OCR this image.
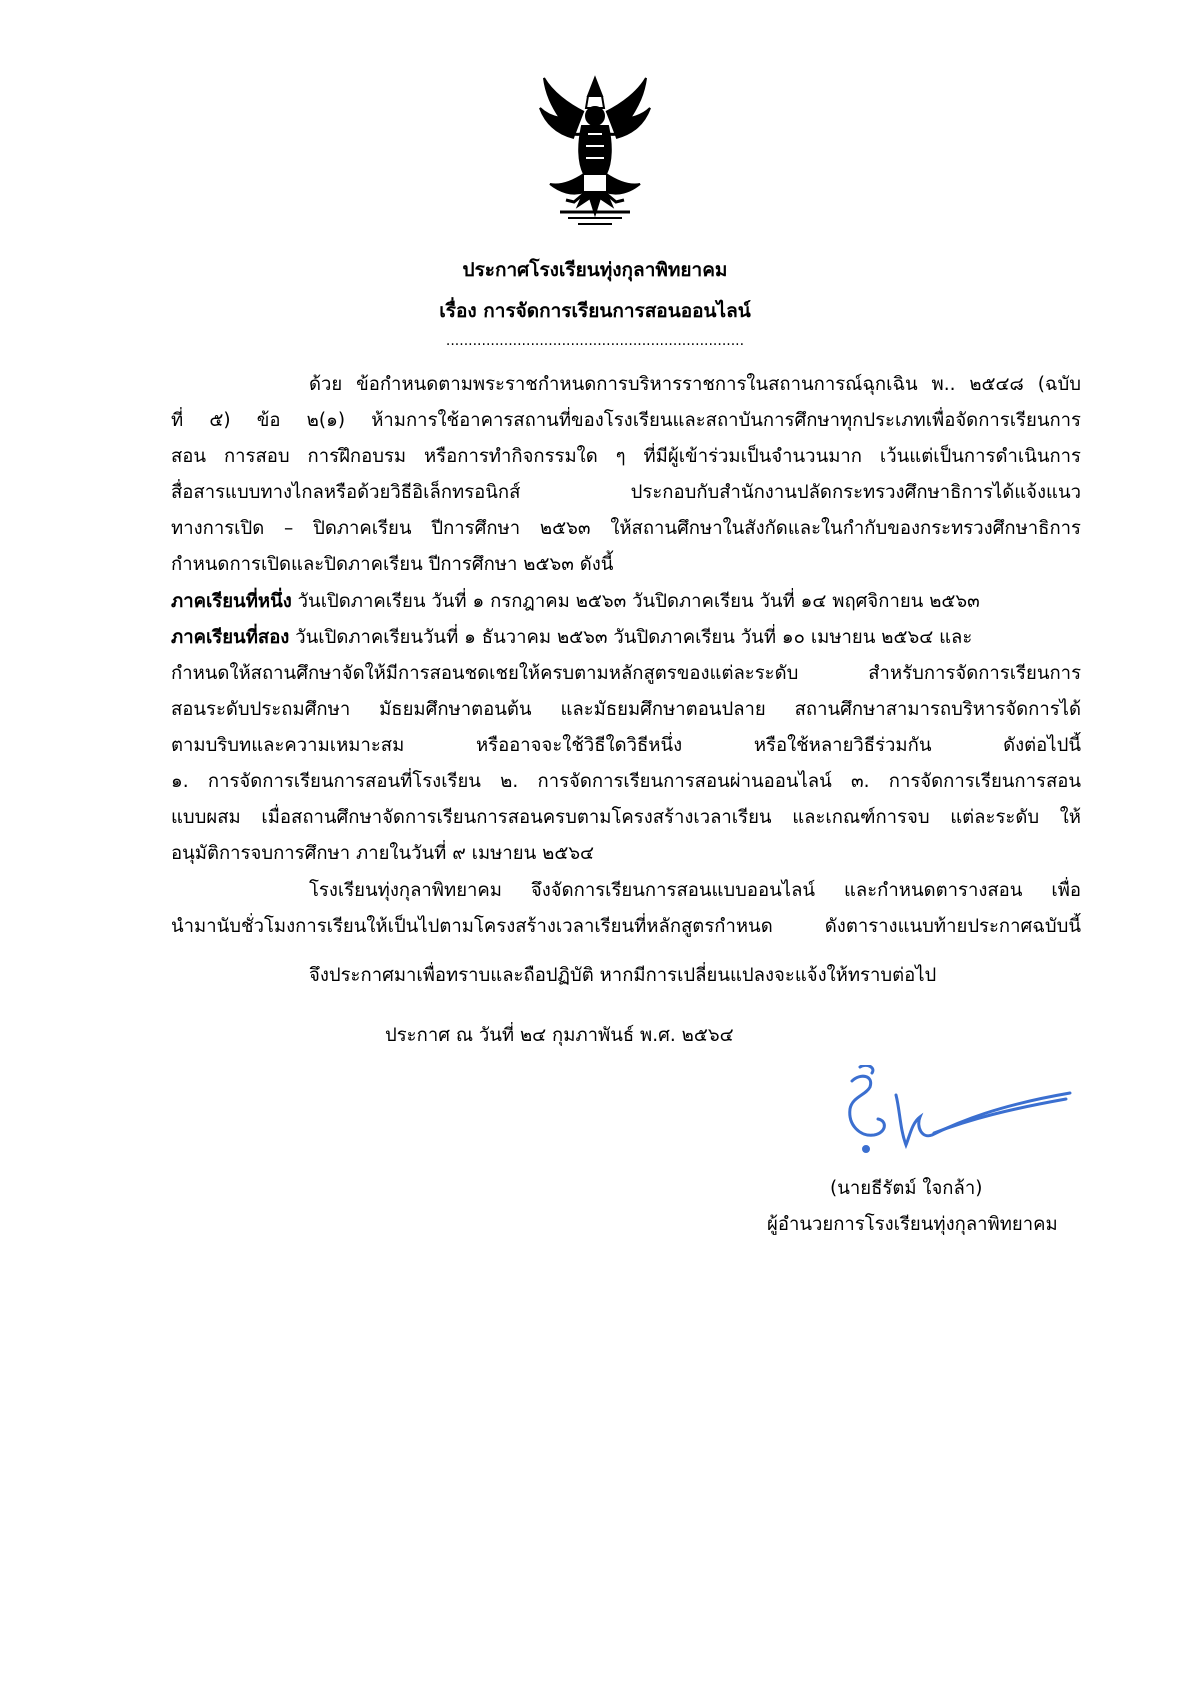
ประกาศโรงเรียนทุ่งกุลาพิทยาคม
เรื่อง การจัดการเรียนการสอนออนไลน์
...................................................................
ด้วย ข้อกำหนดตามพระราชกำหนดการบริหารราชการในสถานการณ์ฉุกเฉิน พ.. ๒๕๔๘ (ฉบับ
ที่ ๕) ข้อ ๒(๑) ห้ามการใช้อาคารสถานที่ของโรงเรียนและสถาบันการศึกษาทุกประเภทเพื่อจัดการเรียนการ
สอน การสอบ การฝึกอบรม หรือการทำกิจกรรมใด ๆ ที่มีผู้เข้าร่วมเป็นจำนวนมาก เว้นแต่เป็นการดำเนินการ
สื่อสารแบบทางไกลหรือด้วยวิธีอิเล็กทรอนิกส์ ประกอบกับสำนักงานปลัดกระทรวงศึกษาธิการได้แจ้งแนว
ทางการเปิด – ปิดภาคเรียน ปีการศึกษา ๒๕๖๓ ให้สถานศึกษาในสังกัดและในกำกับของกระทรวงศึกษาธิการ
กำหนดการเปิดและปิดภาคเรียน ปีการศึกษา ๒๕๖๓ ดังนี้
ภาคเรียนที่หนึ่ง วันเปิดภาคเรียน วันที่ ๑ กรกฎาคม ๒๕๖๓ วันปิดภาคเรียน วันที่ ๑๔ พฤศจิกายน ๒๕๖๓
ภาคเรียนที่สอง วันเปิดภาคเรียนวันที่ ๑ ธันวาคม ๒๕๖๓ วันปิดภาคเรียน วันที่ ๑๐ เมษายน ๒๕๖๔ และ
กำหนดให้สถานศึกษาจัดให้มีการสอนชดเชยให้ครบตามหลักสูตรของแต่ละระดับ สำหรับการจัดการเรียนการ
สอนระดับประถมศึกษา มัธยมศึกษาตอนต้น และมัธยมศึกษาตอนปลาย สถานศึกษาสามารถบริหารจัดการได้
ตามบริบทและความเหมาะสม หรืออาจจะใช้วิธีใดวิธีหนึ่ง หรือใช้หลายวิธีร่วมกัน ดังต่อไปนี้
๑. การจัดการเรียนการสอนที่โรงเรียน ๒. การจัดการเรียนการสอนผ่านออนไลน์ ๓. การจัดการเรียนการสอน
แบบผสม เมื่อสถานศึกษาจัดการเรียนการสอนครบตามโครงสร้างเวลาเรียน และเกณฑ์การจบ แต่ละระดับ ให้
อนุมัติการจบการศึกษา ภายในวันที่ ๙ เมษายน ๒๕๖๔
โรงเรียนทุ่งกุลาพิทยาคม จึงจัดการเรียนการสอนแบบออนไลน์ และกำหนดตารางสอน เพื่อ
นำมานับชั่วโมงการเรียนให้เป็นไปตามโครงสร้างเวลาเรียนที่หลักสูตรกำหนด ดังตารางแนบท้ายประกาศฉบับนี้
จึงประกาศมาเพื่อทราบและถือปฏิบัติ หากมีการเปลี่ยนแปลงจะแจ้งให้ทราบต่อไป
ประกาศ ณ วันที่ ๒๔ กุมภาพันธ์ พ.ศ. ๒๕๖๔
(นายธีรัตม์ ใจกล้า)
ผู้อำนวยการโรงเรียนทุ่งกุลาพิทยาคม
